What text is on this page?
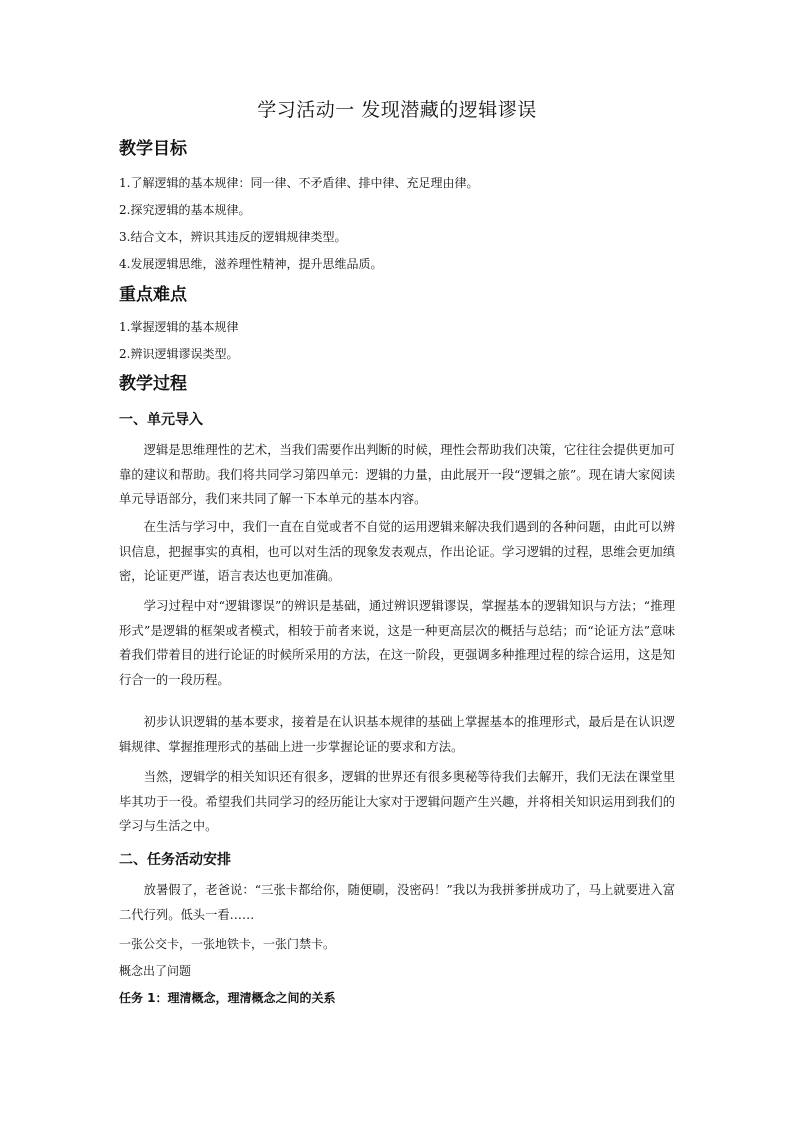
学习活动一 发现潜藏的逻辑谬误
教学目标
1.了解逻辑的基本规律：同一律、不矛盾律、排中律、充足理由律。
2.探究逻辑的基本规律。
3.结合文本，辨识其违反的逻辑规律类型。
4.发展逻辑思维，滋养理性精神，提升思维品质。
重点难点
1.掌握逻辑的基本规律
2.辨识逻辑谬误类型。
教学过程
一、单元导入
逻辑是思维理性的艺术，当我们需要作出判断的时候，理性会帮助我们决策，它往往会提供更加可靠的建议和帮助。我们将共同学习第四单元：逻辑的力量，由此展开一段“逻辑之旅”。现在请大家阅读单元导语部分，我们来共同了解一下本单元的基本内容。
在生活与学习中，我们一直在自觉或者不自觉的运用逻辑来解决我们遇到的各种问题，由此可以辨识信息，把握事实的真相，也可以对生活的现象发表观点，作出论证。学习逻辑的过程，思维会更加缜密，论证更严谨，语言表达也更加准确。
学习过程中对“逻辑谬误”的辨识是基础，通过辨识逻辑谬误，掌握基本的逻辑知识与方法；“推理形式”是逻辑的框架或者模式，相较于前者来说，这是一种更高层次的概括与总结；而“论证方法”意味着我们带着目的进行论证的时候所采用的方法，在这一阶段，更强调多种推理过程的综合运用，这是知行合一的一段历程。
初步认识逻辑的基本要求，接着是在认识基本规律的基础上掌握基本的推理形式，最后是在认识逻辑规律、掌握推理形式的基础上进一步掌握论证的要求和方法。
当然，逻辑学的相关知识还有很多，逻辑的世界还有很多奥秘等待我们去解开，我们无法在课堂里毕其功于一役。希望我们共同学习的经历能让大家对于逻辑问题产生兴趣，并将相关知识运用到我们的学习与生活之中。
二、任务活动安排
放暑假了，老爸说：“三张卡都给你，随便刷，没密码！”我以为我拼爹拼成功了，马上就要进入富二代行列。低头一看……
一张公交卡，一张地铁卡，一张门禁卡。
概念出了问题
任务 1：理清概念，理清概念之间的关系
